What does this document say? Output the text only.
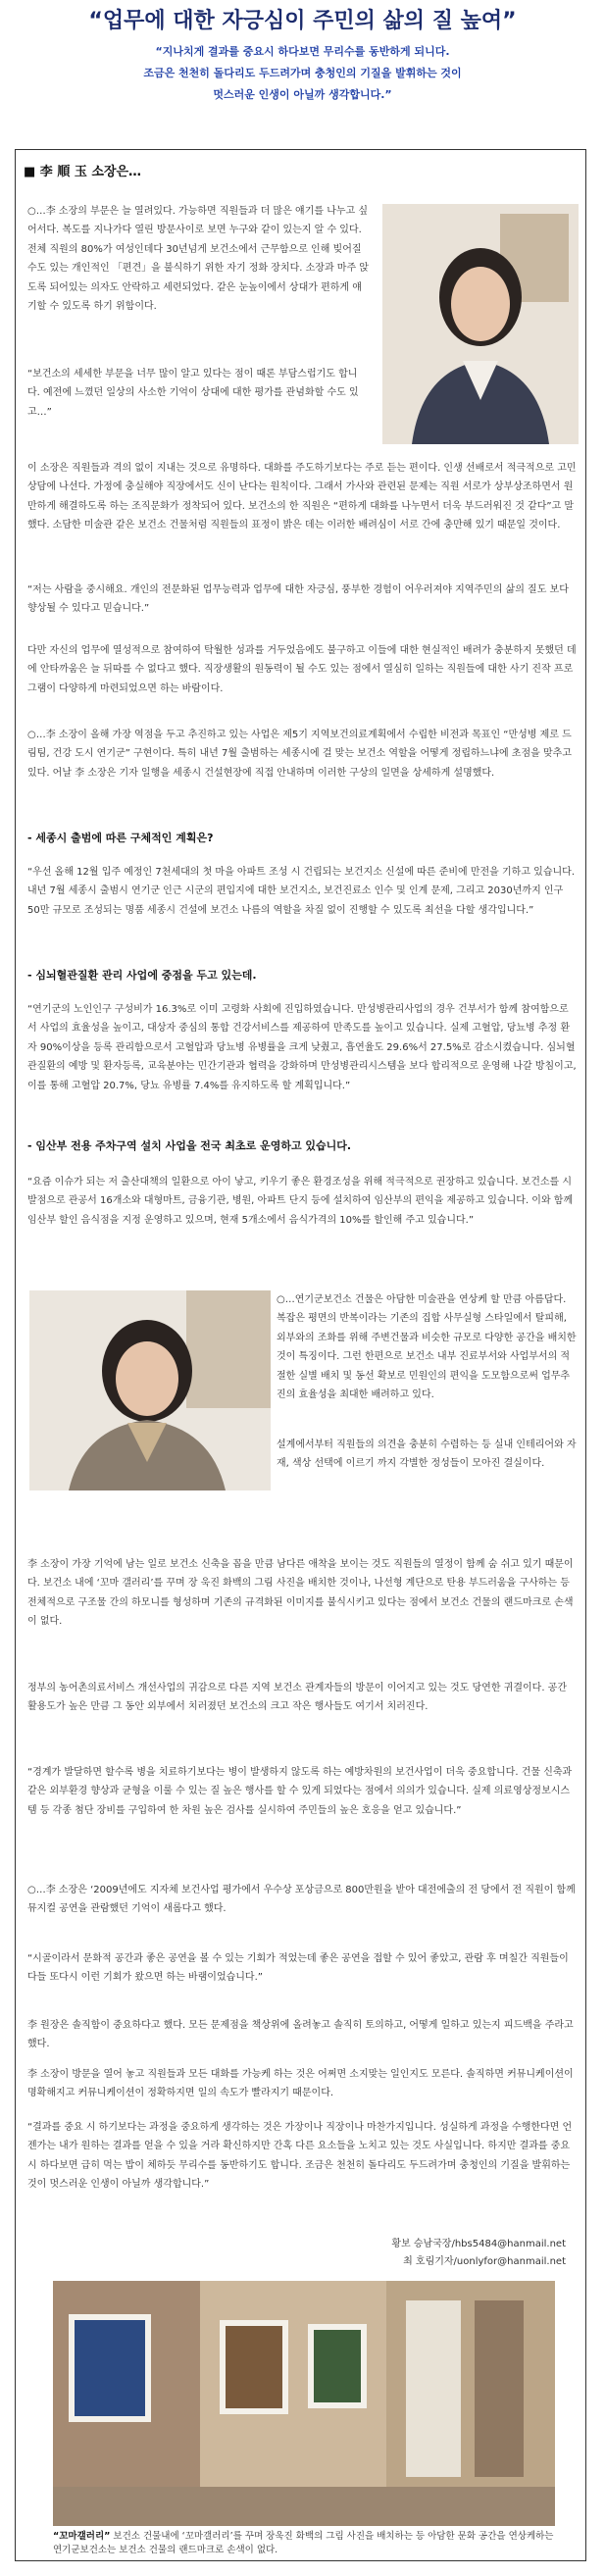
“업무에 대한 자긍심이 주민의 삶의 질 높여”
“지나치게 결과를 중요시 하다보면 무리수를 동반하게 되니다.
조금은 천천히 돌다리도 두드려가며 충청인의 기질을 발휘하는 것이
멋스러운 인생이 아닐까 생각합니다.”
■ 李 順 玉 소장은…

○…李 소장의 부문은 늘 열려있다. 가능하면 직원들과 더 많은 얘기를 나누고 싶어서다. 복도를 지나가다 열린 방문사이로 보면 누구와 같이 있는지 알 수 있다. 전체 직원의 80%가 여성인데다 30년넘게 보건소에서 근무함으로 인해 빚어질 수도 있는 개인적인 「편견」을 불식하기 위한 자기 정화 장치다. 소장과 마주 앉도록 되어있는 의자도 안락하고 세련되었다. 같은 눈높이에서 상대가 편하게 얘기할 수 있도록 하기 위함이다.

“보건소의 세세한 부문을 너무 많이 알고 있다는 점이 때론 부담스럽기도 합니다. 예전에 느꼈던 일상의 사소한 기억이 상대에 대한 평가를 관념화할 수도 있고…”

이 소장은 직원들과 격의 없이 지내는 것으로 유명하다. 대화를 주도하기보다는 주로 듣는 편이다. 인생 선배로서 적극적으로 고민 상담에 나선다. 가정에 충실해야 직장에서도 신이 난다는 원칙이다. 그래서 가사와 관련된 문제는 직원 서로가 상부상조하면서 원만하게 해결하도록 하는 조직문화가 정착되어 있다. 보건소의 한 직원은 “편하게 대화를 나누면서 더욱 부드러워진 것 같다”고 말했다. 소담한 미술관 같은 보건소 건물처럼 직원들의 표정이 밝은 데는 이러한 배려심이 서로 간에 충만해 있기 때문일 것이다.

“저는 사람을 중시해요. 개인의 전문화된 업무능력과 업무에 대한 자긍심, 풍부한 경험이 어우러져야 지역주민의 삶의 질도 보다 향상될 수 있다고 믿습니다.”

다만 자신의 업무에 열성적으로 참여하여 탁월한 성과를 거두었음에도 불구하고 이들에 대한 현실적인 배려가 충분하지 못했던 데에 안타까움은 늘 뒤따를 수 없다고 했다. 직장생활의 원동력이 될 수도 있는 점에서 열심히 일하는 직원들에 대한 사기 진작 프로그램이 다양하게 마련되었으면 하는 바람이다.

○…李 소장이 올해 가장 역점을 두고 추진하고 있는 사업은 제5기 지역보건의료계획에서 수립한 비전과 목표인 “만성병 제로 드림팀, 건강 도시 연기군” 구현이다. 특히 내년 7월 출범하는 세종시에 걸 맞는 보건소 역할을 어떻게 정립하느냐에 초점을 맞추고 있다. 어날 李 소장은 기자 일행을 세종시 건설현장에 직접 안내하며 이러한 구상의 일면을 상세하게 설명했다.

- 세종시 출범에 따른 구체적인 계획은?

“우선 올해 12월 입주 예정인 7천세대의 첫 마을 아파트 조성 시 건립되는 보건지소 신설에 따른 준비에 만전을 기하고 있습니다. 내년 7월 세종시 출범시 연기군 인근 시군의 편입지에 대한 보건지소, 보건진료소 인수 및 인계 문제, 그리고 2030년까지 인구 50만 규모로 조성되는 명품 세종시 건설에 보건소 나름의 역할을 차질 없이 진행할 수 있도록 최선을 다할 생각입니다.”

- 심뇌혈관질환 관리 사업에 중점을 두고 있는데.

“연기군의 노인인구 구성비가 16.3%로 이미 고령화 사회에 진입하였습니다. 만성병관리사업의 경우 건부서가 함께 참여함으로서 사업의 효율성을 높이고, 대상자 중심의 통합 건강서비스를 제공하여 만족도를 높이고 있습니다. 실제 고혈압, 당뇨병 추정 환자 90%이상을 등록 관리함으로서 고혈압과 당뇨병 유병률을 크게 낮췄고, 흡연율도 29.6%서 27.5%로 감소시켰습니다. 심뇌혈관질환의 예방 및 환자등록, 교육분야는 민간기관과 협력을 강화하며 만성병관리시스템을 보다 합리적으로 운영해 나갈 방침이고, 이를 통해 고혈압 20.7%, 당뇨 유병률 7.4%를 유지하도록 할 계획입니다.”

- 임산부 전용 주차구역 설치 사업을 전국 최초로 운영하고 있습니다.

“요즘 이슈가 되는 저 출산대책의 일환으로 아이 낳고, 키우기 좋은 환경조성을 위해 적극적으로 권장하고 있습니다. 보건소를 시발점으로 관공서 16개소와 대형마트, 금융기관, 병원, 아파트 단지 등에 설치하여 임산부의 편익을 제공하고 있습니다. 이와 함께 임산부 할인 음식점을 지정 운영하고 있으며, 현재 5개소에서 음식가격의 10%를 할인해 주고 있습니다.”

○…연기군보건소 건물은 아담한 미술관을 연상케 할 만큼 아름답다. 복잡은 평면의 반복이라는 기존의 집합 사무실형 스타일에서 탈피해, 외부와의 조화를 위해 주변건물과 비슷한 규모로 다양한 공간을 배치한 것이 특징이다. 그런 한편으로 보건소 내부 진료부서와 사업부서의 적절한 실별 배치 및 동선 확보로 민원인의 편익을 도모함으로써 업무추진의 효율성을 최대한 배려하고 있다.

설계에서부터 직원들의 의견을 충분히 수렴하는 등 실내 인테리어와 자재, 색상 선택에 이르기 까지 각별한 정성들이 모아진 결실이다.

李 소장이 가장 기억에 남는 일로 보건소 신축을 꼽을 만큼 남다른 애착을 보이는 것도 직원들의 열정이 함께 숨 쉬고 있기 때문이다. 보건소 내에 ‘꼬마 갤러리’를 꾸며 장 욱진 화백의 그림 사진을 배치한 것이나, 나선형 계단으로 탄용 부드러움을 구사하는 등 전체적으로 구조물 간의 하모니를 형성하며 기존의 규격화된 이미지를 불식시키고 있다는 점에서 보건소 건물의 랜드마크로 손색이 없다.

정부의 농어촌의료서비스 개선사업의 귀감으로 다른 지역 보건소 관계자들의 방문이 이어지고 있는 것도 당연한 귀결이다. 공간 활용도가 높은 만큼 그 동안 외부에서 치러졌던 보건소의 크고 작은 행사들도 여기서 치러진다.

“경계가 발달하면 할수록 병을 치료하기보다는 병이 발생하지 않도록 하는 예방차원의 보건사업이 더욱 중요합니다. 건물 신축과 같은 외부환경 향상과 균형을 이룰 수 있는 질 높은 행사를 할 수 있게 되었다는 점에서 의의가 있습니다. 실제 의료영상정보시스템 등 각종 첨단 장비를 구입하여 한 차원 높은 검사를 실시하여 주민들의 높은 호응을 얻고 있습니다.”

○…李 소장은 ‘2009년에도 지자체 보건사업 평가에서 우수상 포상금으로 800만원을 받아 대전에출의 전 당에서 전 직원이 함께 뮤지컬 공연을 관람했던 기억이 새롭다고 했다.

“시골이라서 문화적 공간과 좋은 공연을 볼 수 있는 기회가 적었는데 좋은 공연을 접할 수 있어 좋았고, 관람 후 며칠간 직원들이 다들 또다시 이런 기회가 왔으면 하는 바램이었습니다.”

李 원장은 솔직함이 중요하다고 했다. 모든 문제점을 책상위에 올려놓고 솔직히 토의하고, 어떻게 일하고 있는지 피드백을 주라고 했다.

李 소장이 방문을 열어 놓고 직원들과 모든 대화를 가능케 하는 것은 어쩌면 소지맞는 일인지도 모른다. 솔직하면 커뮤니케이션이 명확해지고 커뮤니케이션이 정확하지면 일의 속도가 빨라지기 때문이다.

“결과를 중요 시 하기보다는 과정을 중요하게 생각하는 것은 가장이나 직장이나 마찬가지입니다. 성실하게 과정을 수행한다면 언젠가는 내가 원하는 결과를 얻을 수 있을 거라 확신하지만 간혹 다른 요소들을 노치고 있는 것도 사실입니다. 하지만 결과를 중요시 하다보면 급히 먹는 밥이 체하듯 무리수를 동반하기도 합니다. 조금은 천천히 돌다리도 두드려가며 충청인의 기질을 발휘하는 것이 멋스러운 인생이 아닐까 생각합니다.”

황보 승남국장/hbs5484@hanmail.net
최 호림기자/uonlyfor@hanmail.net
“꼬마갤러리” 보건소 건물내에 ‘꼬마갤러리’를 꾸며 장욱진 화백의 그림 사진을 배치하는 등 아담한 문화 공간을 연상케하는 연기군보건소는 보건소 건물의 랜드마크로 손색이 없다.
